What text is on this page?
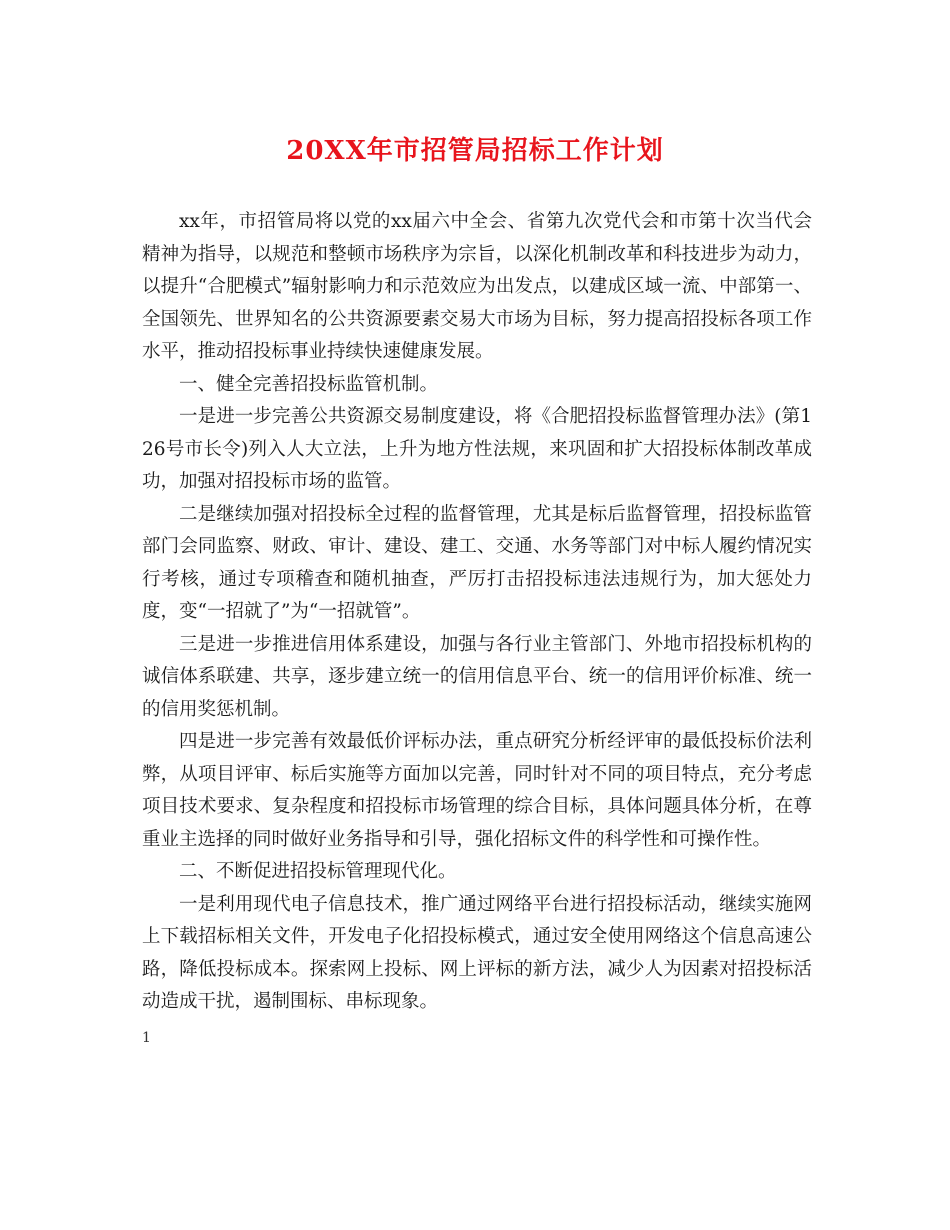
20XX年市招管局招标工作计划

xx年，市招管局将以党的xx届六中全会、省第九次党代会和市第十次当代会精神为指导，以规范和整顿市场秩序为宗旨，以深化机制改革和科技进步为动力，以提升“合肥模式”辐射影响力和示范效应为出发点，以建成区域一流、中部第一、全国领先、世界知名的公共资源要素交易大市场为目标，努力提高招投标各项工作水平，推动招投标事业持续快速健康发展。

一、健全完善招投标监管机制。

一是进一步完善公共资源交易制度建设，将《合肥招投标监督管理办法》(第126号市长令)列入人大立法，上升为地方性法规，来巩固和扩大招投标体制改革成功，加强对招投标市场的监管。

二是继续加强对招投标全过程的监督管理，尤其是标后监督管理，招投标监管部门会同监察、财政、审计、建设、建工、交通、水务等部门对中标人履约情况实行考核，通过专项稽查和随机抽查，严厉打击招投标违法违规行为，加大惩处力度，变“一招就了”为“一招就管”。

三是进一步推进信用体系建设，加强与各行业主管部门、外地市招投标机构的诚信体系联建、共享，逐步建立统一的信用信息平台、统一的信用评价标准、统一的信用奖惩机制。

四是进一步完善有效最低价评标办法，重点研究分析经评审的最低投标价法利弊，从项目评审、标后实施等方面加以完善，同时针对不同的项目特点，充分考虑项目技术要求、复杂程度和招投标市场管理的综合目标，具体问题具体分析，在尊重业主选择的同时做好业务指导和引导，强化招标文件的科学性和可操作性。

二、不断促进招投标管理现代化。

一是利用现代电子信息技术，推广通过网络平台进行招投标活动，继续实施网上下载招标相关文件，开发电子化招投标模式，通过安全使用网络这个信息高速公路，降低投标成本。探索网上投标、网上评标的新方法，减少人为因素对招投标活动造成干扰，遏制围标、串标现象。

1
